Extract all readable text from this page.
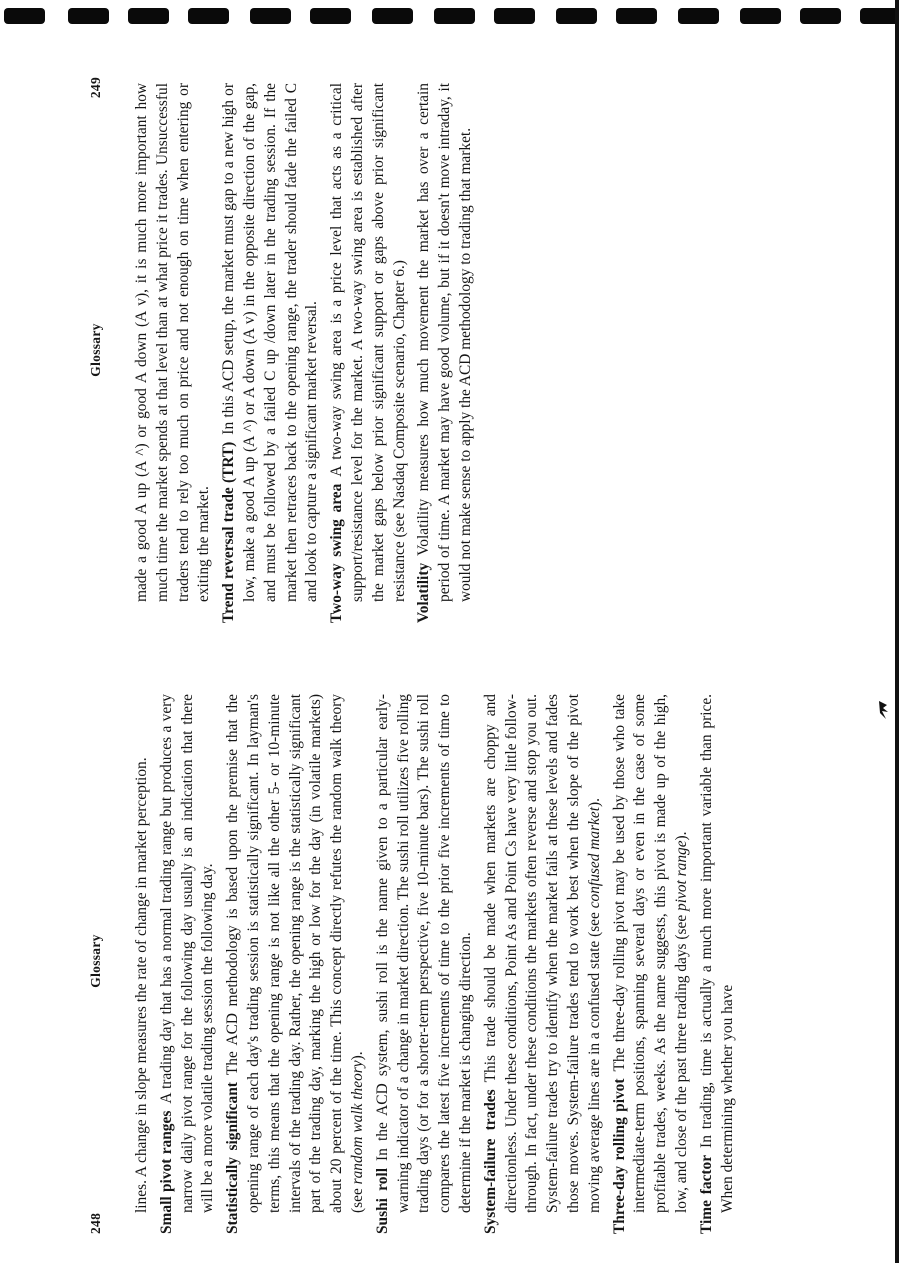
248
Glossary lines. A change in slope measures the rate of change in market perception. Small pivot rangesA trading day that has a normal trading range but produces a very narrow daily pivot range for the following day usually is an indication that there will be a more volatile trading session the following day. Statistically significantThe ACD methodology is based upon the premise that the opening range of each day's trading session is statistically significant. In layman's terms, this means that the opening range is not like all the other 5- or 10-minute intervals of the trading day. Rather, the opening range is the statistically significant part of the trading day, marking the high or low for the day (in volatile markets) about 20 percent of the time. This concept directly refutes the random walk theory (see random walk theory).

Sushi rollIn the ACD system, sushi roll is the name given to a particular early-warning indicator of a change in market direction. The sushi roll utilizes five rolling trading days (or for a shorter-term perspective, five 10-minute bars). The sushi roll compares the latest five increments of time to the prior five increments of time to determine if the market is changing direction. System-failure tradesThis trade should be made when markets are choppy and directionless. Under these conditions, Point As and Point Cs have very little follow-through. In fact, under these conditions the markets often reverse and stop you out. System-failure trades try to identify when the market fails at these levels and fades those moves. System-failure trades tend to work best when the slope of the pivot moving average lines are in a confused state (see confused market).

Three-day rolling pivotThe three-day rolling pivot may be used by those who take intermediate-term positions, spanning several days or even in the case of some profitable trades, weeks. As the name suggests, this pivot is made up of the high, low, and close of the past three trading days (see pivot range).

Time factorIn trading, time is actually a much more important variable than price. When determining whether you have

Glossary
249 made a good A up (A ^) or good A down (A v), it is much more important how much time the market spends at that level than at what price it trades. Unsuccessful traders tend to rely too much on price and not enough on time when entering or exiting the market. Trend reversal trade (TRT)In this ACD setup, the market must gap to a new high or low, make a good A up (A ^) or A down (A v) in the opposite direction of the gap, and must be followed by a failed C up /down later in the trading session. If the market then retraces back to the opening range, the trader should fade the failed C and look to capture a significant market reversal. Two-way swing areaA two-way swing area is a price level that acts as a critical support/resistance level for the market. A two-way swing area is established after the market gaps below prior significant support or gaps above prior significant resistance (see Nasdaq Composite scenario, Chapter 6.) VolatilityVolatility measures how much movement the market has over a certain period of time. A market may have good volume, but if it doesn't move intraday, it would not make sense to apply the ACD methodology to trading that market.
